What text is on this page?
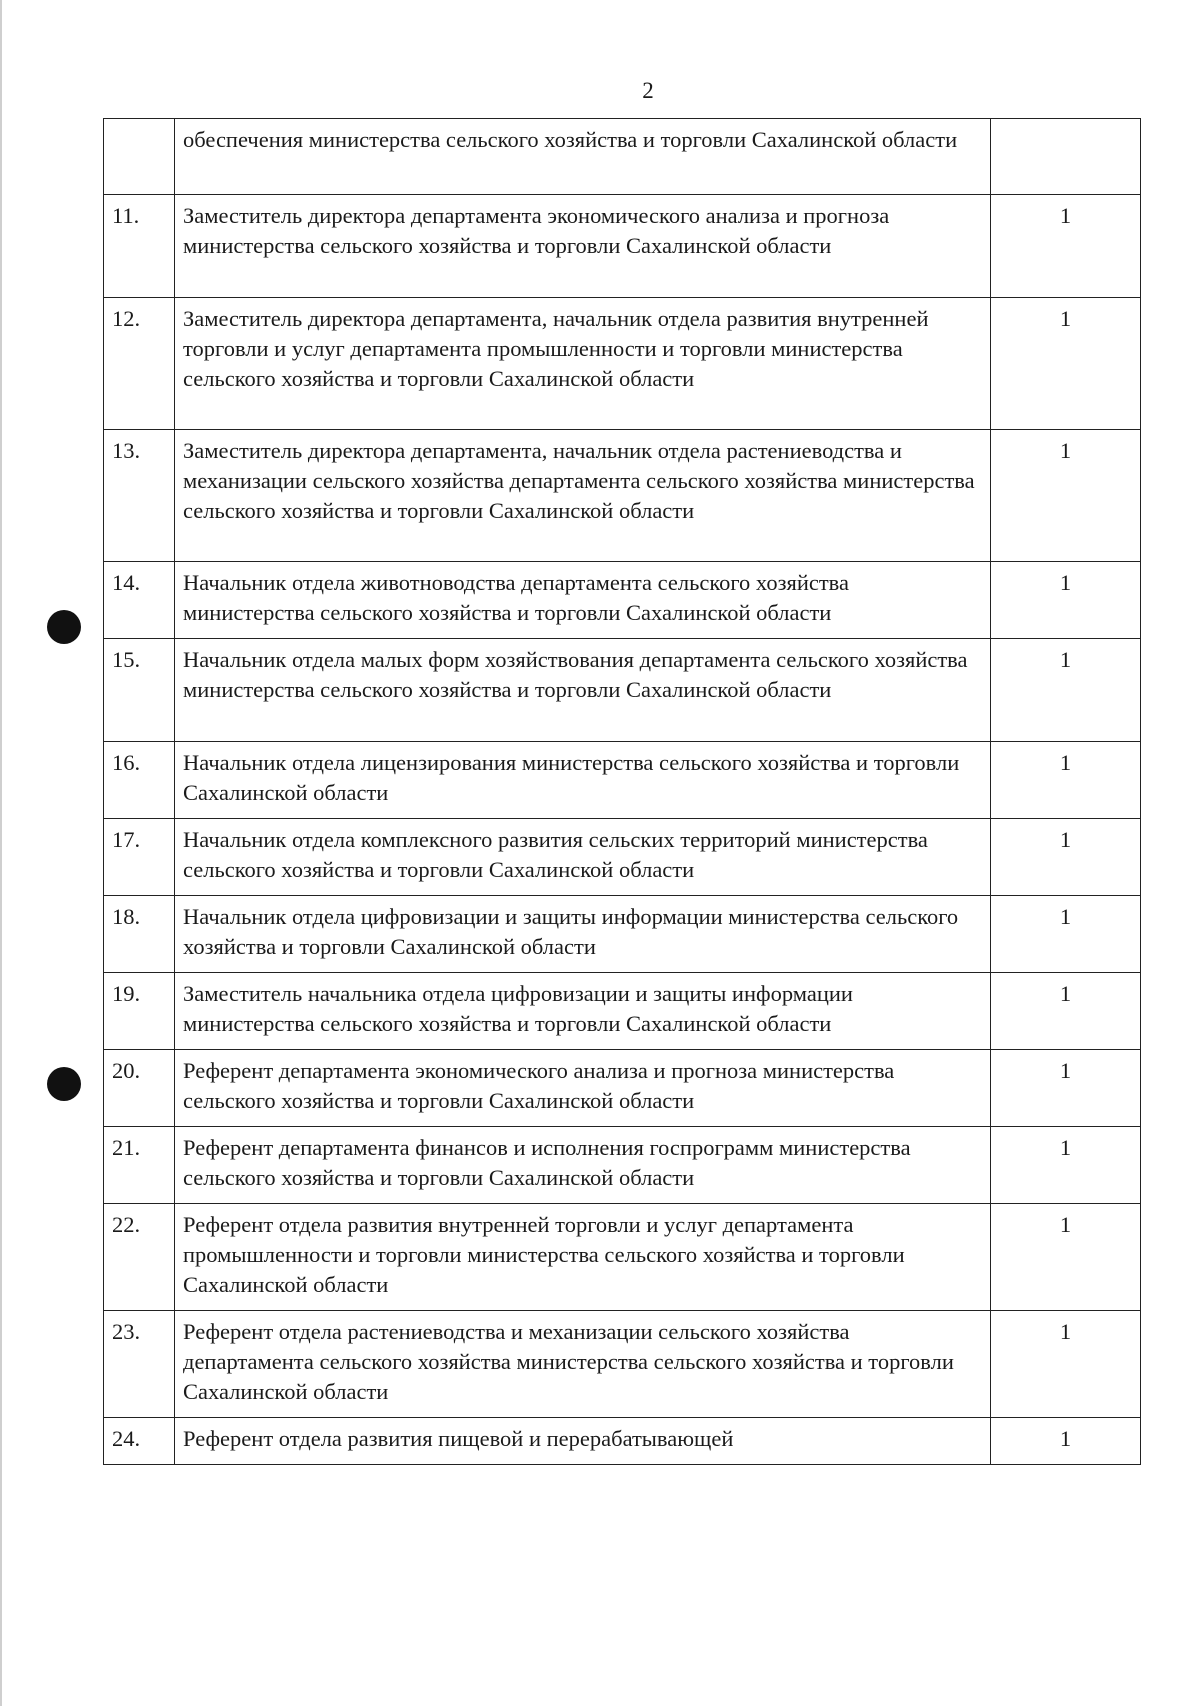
2
	обеспечения министерства сельского хозяйства и торговли Сахалинской области	
11.	Заместитель директора департамента экономического анализа и прогноза министерства сельского хозяйства и торговли Сахалинской области	1
12.	Заместитель директора департамента, начальник отдела развития внутренней торговли и услуг департамента промышленности и торговли министерства сельского хозяйства и торговли Сахалинской области	1
13.	Заместитель директора департамента, начальник отдела растениеводства и механизации сельского хозяйства департамента сельского хозяйства министерства сельского хозяйства и торговли Сахалинской области	1
14.	Начальник отдела животноводства департамента сельского хозяйства министерства сельского хозяйства и торговли Сахалинской области	1
15.	Начальник отдела малых форм хозяйствования департамента сельского хозяйства министерства сельского хозяйства и торговли Сахалинской области	1
16.	Начальник отдела лицензирования министерства сельского хозяйства и торговли Сахалинской области	1
17.	Начальник отдела комплексного развития сельских территорий министерства сельского хозяйства и торговли Сахалинской области	1
18.	Начальник отдела цифровизации и защиты информации министерства сельского хозяйства и торговли Сахалинской области	1
19.	Заместитель начальника отдела цифровизации и защиты информации министерства сельского хозяйства и торговли Сахалинской области	1
20.	Референт департамента экономического анализа и прогноза министерства сельского хозяйства и торговли Сахалинской области	1
21.	Референт департамента финансов и исполнения госпрограмм министерства сельского хозяйства и торговли Сахалинской области	1
22.	Референт отдела развития внутренней торговли и услуг департамента промышленности и торговли министерства сельского хозяйства и торговли Сахалинской области	1
23.	Референт отдела растениеводства и механизации сельского хозяйства департамента сельского хозяйства министерства сельского хозяйства и торговли Сахалинской области	1
24.	Референт отдела развития пищевой и перерабатывающей	1
